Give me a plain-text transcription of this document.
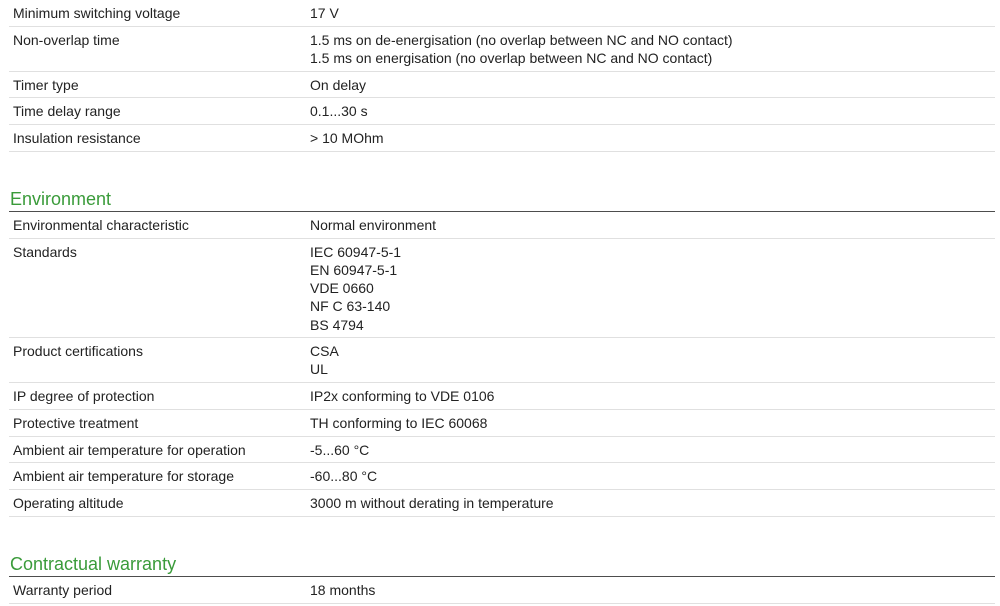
Minimum switching voltage	17 V

Non-overlap time	1.5 ms on de-energisation (no overlap between NC and NO contact)
1.5 ms on energisation (no overlap between NC and NO contact)

Timer type	On delay

Time delay range	0.1...30 s

Insulation resistance	> 10 MOhm
Environment
Environmental characteristic	Normal environment

Standards	IEC 60947-5-1
EN 60947-5-1
VDE 0660
NF C 63-140
BS 4794

Product certifications	CSA
UL

IP degree of protection	IP2x conforming to VDE 0106

Protective treatment	TH conforming to IEC 60068

Ambient air temperature for operation	-5...60 °C

Ambient air temperature for storage	-60...80 °C

Operating altitude	3000 m without derating in temperature
Contractual warranty
Warranty period	18 months
